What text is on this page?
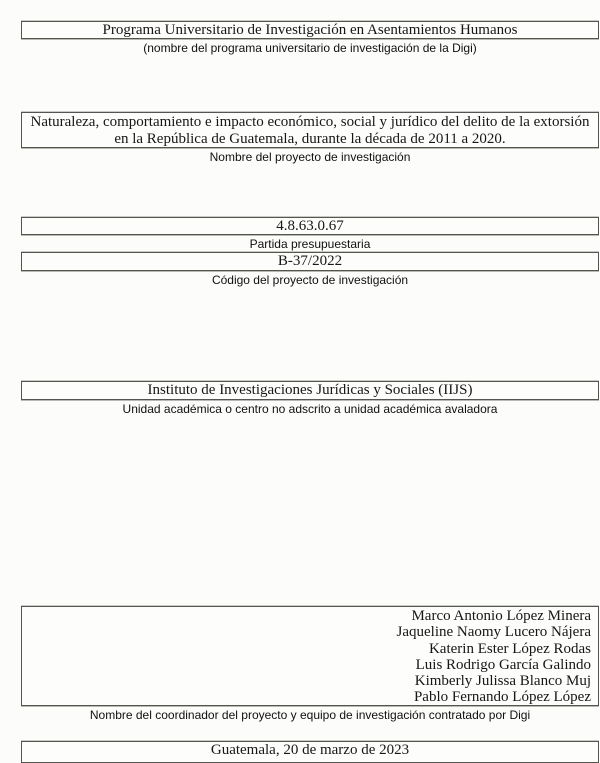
Programa Universitario de Investigación en Asentamientos Humanos
(nombre del programa universitario de investigación de la Digi)
Naturaleza, comportamiento e impacto económico, social y jurídico del delito de la extorsión
en la República de Guatemala, durante la década de 2011 a 2020.
Nombre del proyecto de investigación
4.8.63.0.67
Partida presupuestaria
B-37/2022
Código del proyecto de investigación
Instituto de Investigaciones Jurídicas y Sociales (IIJS)
Unidad académica o centro no adscrito a unidad académica avaladora
Marco Antonio López Minera
Jaqueline Naomy Lucero Nájera
Katerin Ester López Rodas
Luis Rodrigo García Galindo
Kimberly Julissa Blanco Muj
Pablo Fernando López López
Nombre del coordinador del proyecto y equipo de investigación contratado por Digi
Guatemala, 20 de marzo de 2023
